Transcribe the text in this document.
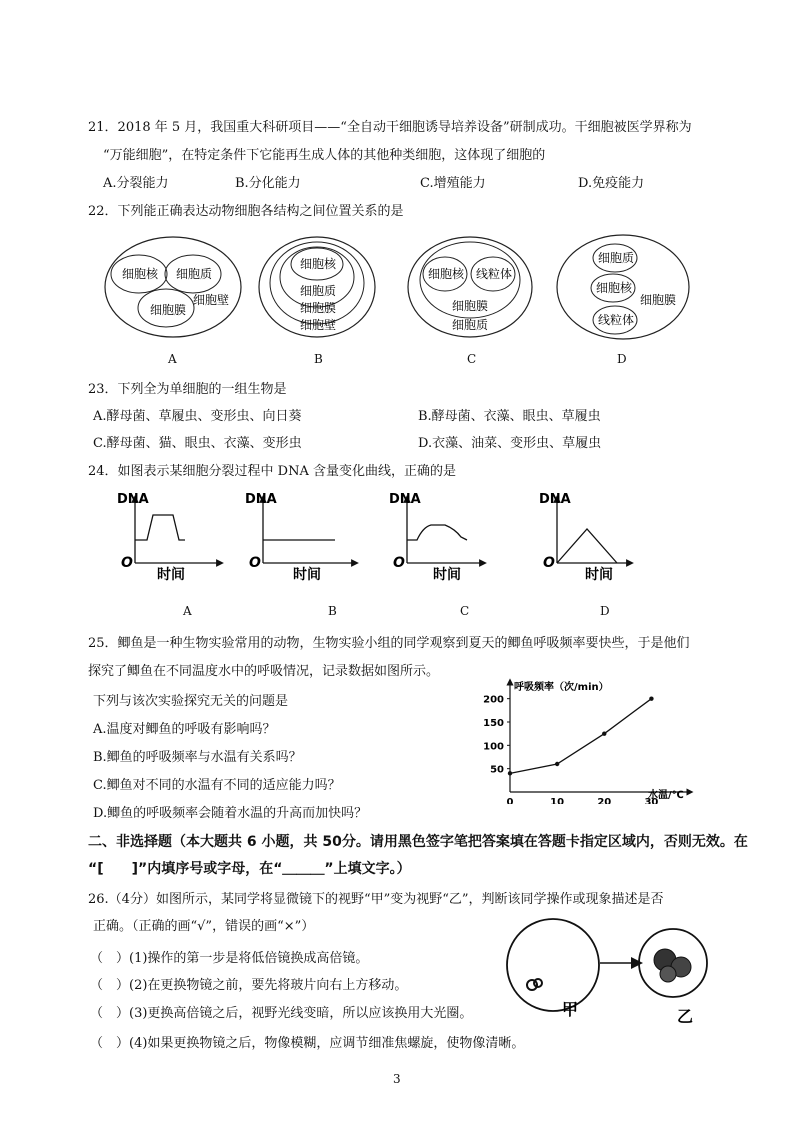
21．2018 年 5 月，我国重大科研项目——“全自动干细胞诱导培养设备”研制成功。干细胞被医学界称为
“万能细胞”，在特定条件下它能再生成人体的其他种类细胞，这体现了细胞的
A.分裂能力	B.分化能力	C.增殖能力	D.免疫能力
22．下列能正确表达动物细胞各结构之间位置关系的是
细胞核 细胞质
细胞膜
细胞壁
细胞核
细胞质
细胞膜
细胞壁
细胞核 线粒体
细胞膜
细胞质
细胞质
细胞核
细胞膜
线粒体
A	B	C	D
23．下列全为单细胞的一组生物是
A.酵母菌、草履虫、变形虫、向日葵	B.酵母菌、衣藻、眼虫、草履虫
C.酵母菌、猫、眼虫、衣藻、变形虫	D.衣藻、油菜、变形虫、草履虫
24．如图表示某细胞分裂过程中 DNA 含量变化曲线，正确的是
DNA
O
时间
DNA
O
时间
DNA
O
时间
DNA
O
时间
A	B	C	D
25．鲫鱼是一种生物实验常用的动物，生物实验小组的同学观察到夏天的鲫鱼呼吸频率要快些，于是他们
探究了鲫鱼在不同温度水中的呼吸情况，记录数据如图所示。
下列与该次实验探究无关的问题是
A.温度对鲫鱼的呼吸有影响吗？
B.鲫鱼的呼吸频率与水温有关系吗？
C.鲫鱼对不同的水温有不同的适应能力吗？
D.鲫鱼的呼吸频率会随着水温的升高而加快吗？
呼吸频率（次/min）
水温/℃
50
100
150
200
0	10	20	30
二、非选择题（本大题共 6 小题，共 50分。请用黑色签字笔把答案填在答题卡指定区域内，否则无效。在
“[　　]”内填序号或字母，在“＿＿＿”上填文字。）
26.（4分）如图所示，某同学将显微镜下的视野“甲”变为视野“乙”，判断该同学操作或现象描述是否
正确。（正确的画“√”，错误的画“×”）
（　）(1)操作的第一步是将低倍镜换成高倍镜。
（　）(2)在更换物镜之前，要先将玻片向右上方移动。
（　）(3)更换高倍镜之后，视野光线变暗，所以应该换用大光圈。
（　）(4)如果更换物镜之后，物像模糊，应调节细准焦螺旋，使物像清晰。
甲	乙
3
